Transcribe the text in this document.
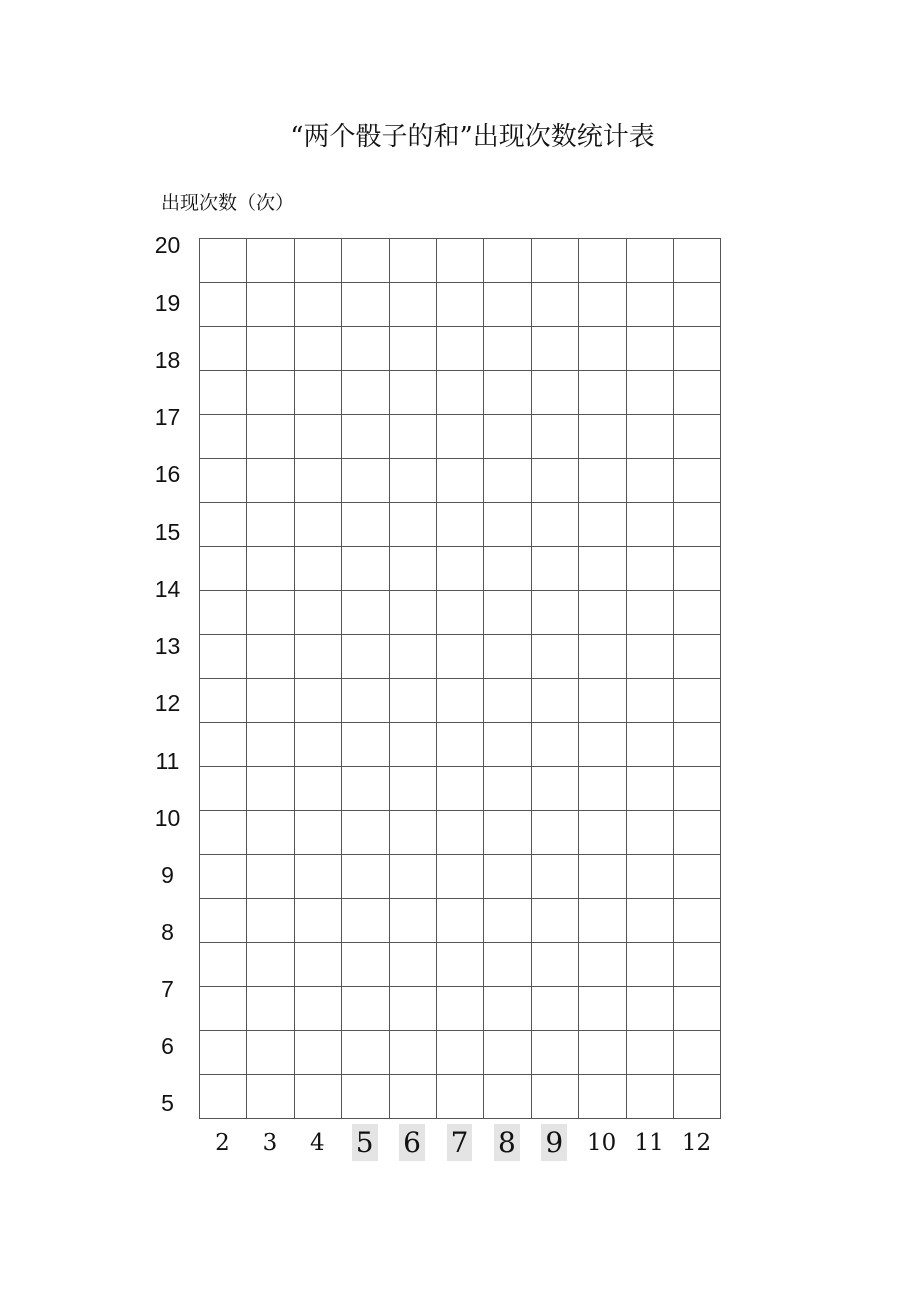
“两个骰子的和”出现次数统计表
出现次数（次）

20
19
18
17
16
15
14
13
12
11
10
9
8
7
6
5
2	3	4	5	6	7	8	9	10 11 12
